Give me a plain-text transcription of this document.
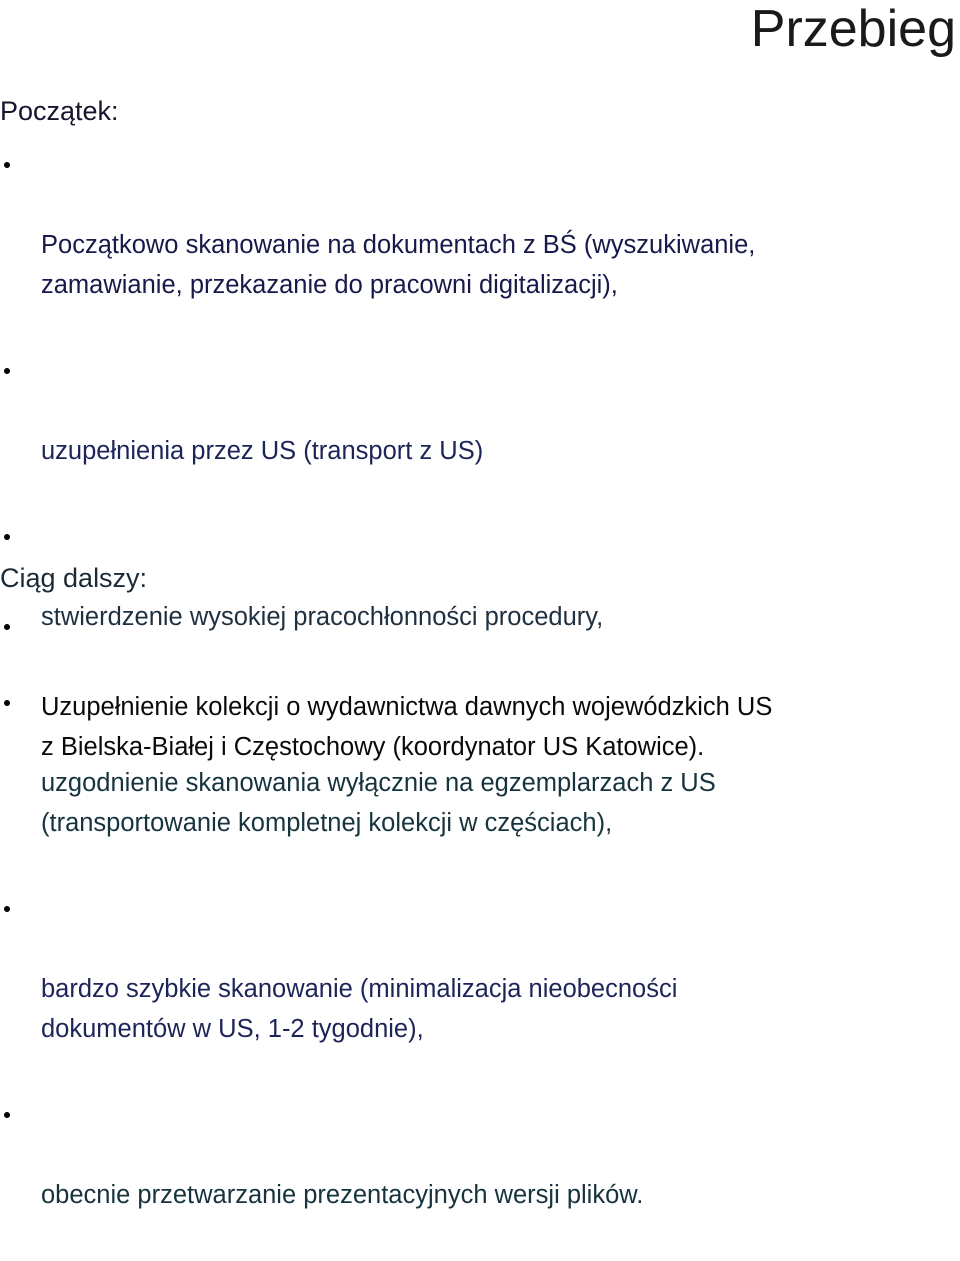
Przebieg
Początek:

Początkowo skanowanie na dokumentach z BŚ (wyszukiwanie,
zamawianie, przekazanie do pracowni digitalizacji),

uzupełnienia przez US (transport z US)

stwierdzenie wysokiej pracochłonności procedury,

uzgodnienie skanowania wyłącznie na egzemplarzach z US
(transportowanie kompletnej kolekcji w częściach),

bardzo szybkie skanowanie (minimalizacja nieobecności
dokumentów w US, 1-2 tygodnie),

obecnie przetwarzanie prezentacyjnych wersji plików.

Ciąg dalszy:

Uzupełnienie kolekcji o wydawnictwa dawnych wojewódzkich US
z Bielska-Białej i Częstochowy (koordynator US Katowice).
